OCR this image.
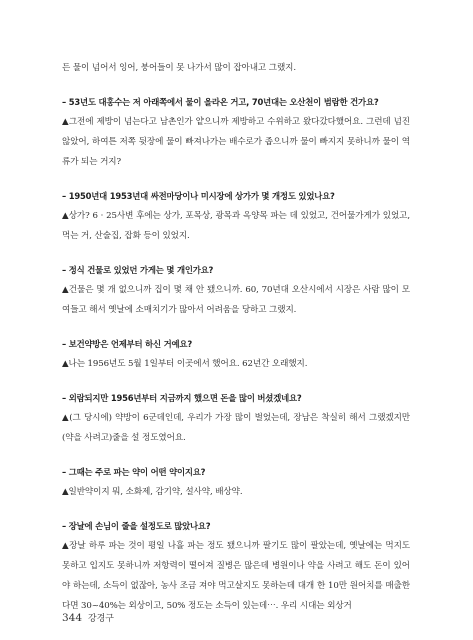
든 물이 넘어서 잉어, 붕어들이 못 나가서 많이 잡아내고 그랬지.

– 53년도 대홍수는 저 아래쪽에서 물이 올라온 거고, 70년대는 오산천이 범람한 건가요?

▲그전에 제방이 넘는다고 남촌인가 얕으니까 제방하고 수위하고 왔다갔다했어요. 그런데 넘진 않았어, 하여튼 저쪽 뒷장에 물이 빠져나가는 배수로가 좁으니까 물이 빠지지 못하니까 물이 역류가 되는 거지?

– 1950년대 1953년대 싸전마당이나 미시장에 상가가 몇 개정도 있었나요?

▲상가? 6 · 25사변 후에는 상가, 포목상, 광목과 옥양목 파는 데 있었고, 건어물가게가 있었고, 먹는 거, 산술집, 잡화 등이 있었지.

– 정식 건물로 있었던 가게는 몇 개인가요?

▲건물은 몇 개 없으니까 집이 몇 채 안 됐으니까. 60, 70년대 오산시에서 시장은 사람 많이 모여들고 해서 옛날에 소매치기가 많아서 어려움을 당하고 그랬지.

– 보건약방은 언제부터 하신 거예요?

▲나는 1956년도 5월 1일부터 이곳에서 했어요. 62년간 오래했지.

– 외람되지만 1956년부터 지금까지 했으면 돈을 많이 버셨겠네요?

▲(그 당시에) 약방이 6군데인데, 우리가 가장 많이 벌었는데, 장남은 착실히 해서 그랬겠지만 (약을 사려고)줄을 설 정도였어요.

– 그때는 주로 파는 약이 어떤 약이지요?

▲일반약이지 뭐, 소화제, 감기약, 설사약, 배상약.

– 장날에 손님이 줄을 설정도로 많았나요?

▲장날 하루 파는 것이 평일 나흘 파는 정도 됐으니까 팔기도 많이 팔았는데, 옛날에는 먹지도 못하고 입지도 못하니까 저항력이 떨어져 질병은 많은데 병원이나 약을 사려고 해도 돈이 있어야 하는데, 소득이 없잖아, 농사 조금 져야 먹고살지도 못하는데 대개 한 10만 원어치를 매출한다면 30~40%는 외상이고, 50% 정도는 소득이 있는데⋯. 우리 시대는 외상거

344 강경구
